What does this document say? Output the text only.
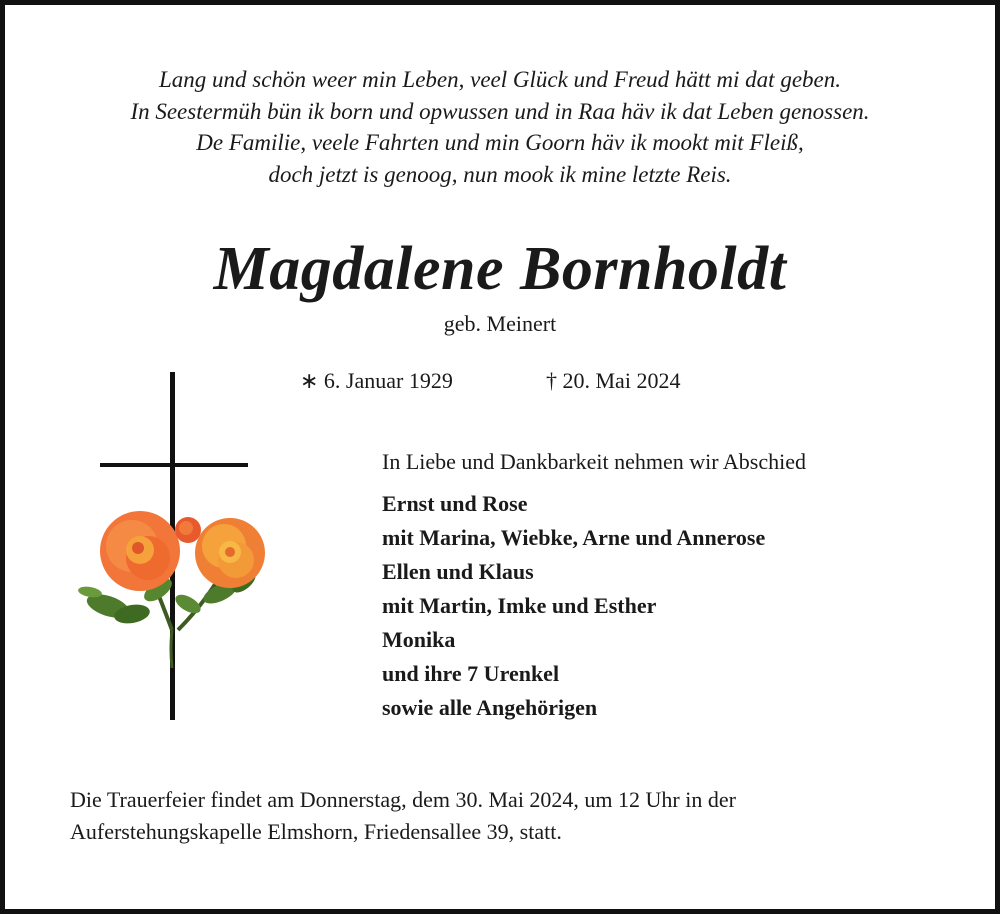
Lang und schön weer min Leben, veel Glück und Freud hätt mi dat geben.
In Seestermüh bün ik born und opwussen und in Raa häv ik dat Leben genossen.
De Familie, veele Fahrten und min Goorn häv ik mookt mit Fleiß,
doch jetzt is genoog, nun mook ik mine letzte Reis.
Magdalene Bornholdt
geb. Meinert
∗ 6. Januar 1929	† 20. Mai 2024
In Liebe und Dankbarkeit nehmen wir Abschied
Ernst und Rose
mit Marina, Wiebke, Arne und Annerose
Ellen und Klaus
mit Martin, Imke und Esther
Monika
und ihre 7 Urenkel
sowie alle Angehörigen
Die Trauerfeier findet am Donnerstag, dem 30. Mai 2024, um 12 Uhr in der
Auferstehungskapelle Elmshorn, Friedensallee 39, statt.
